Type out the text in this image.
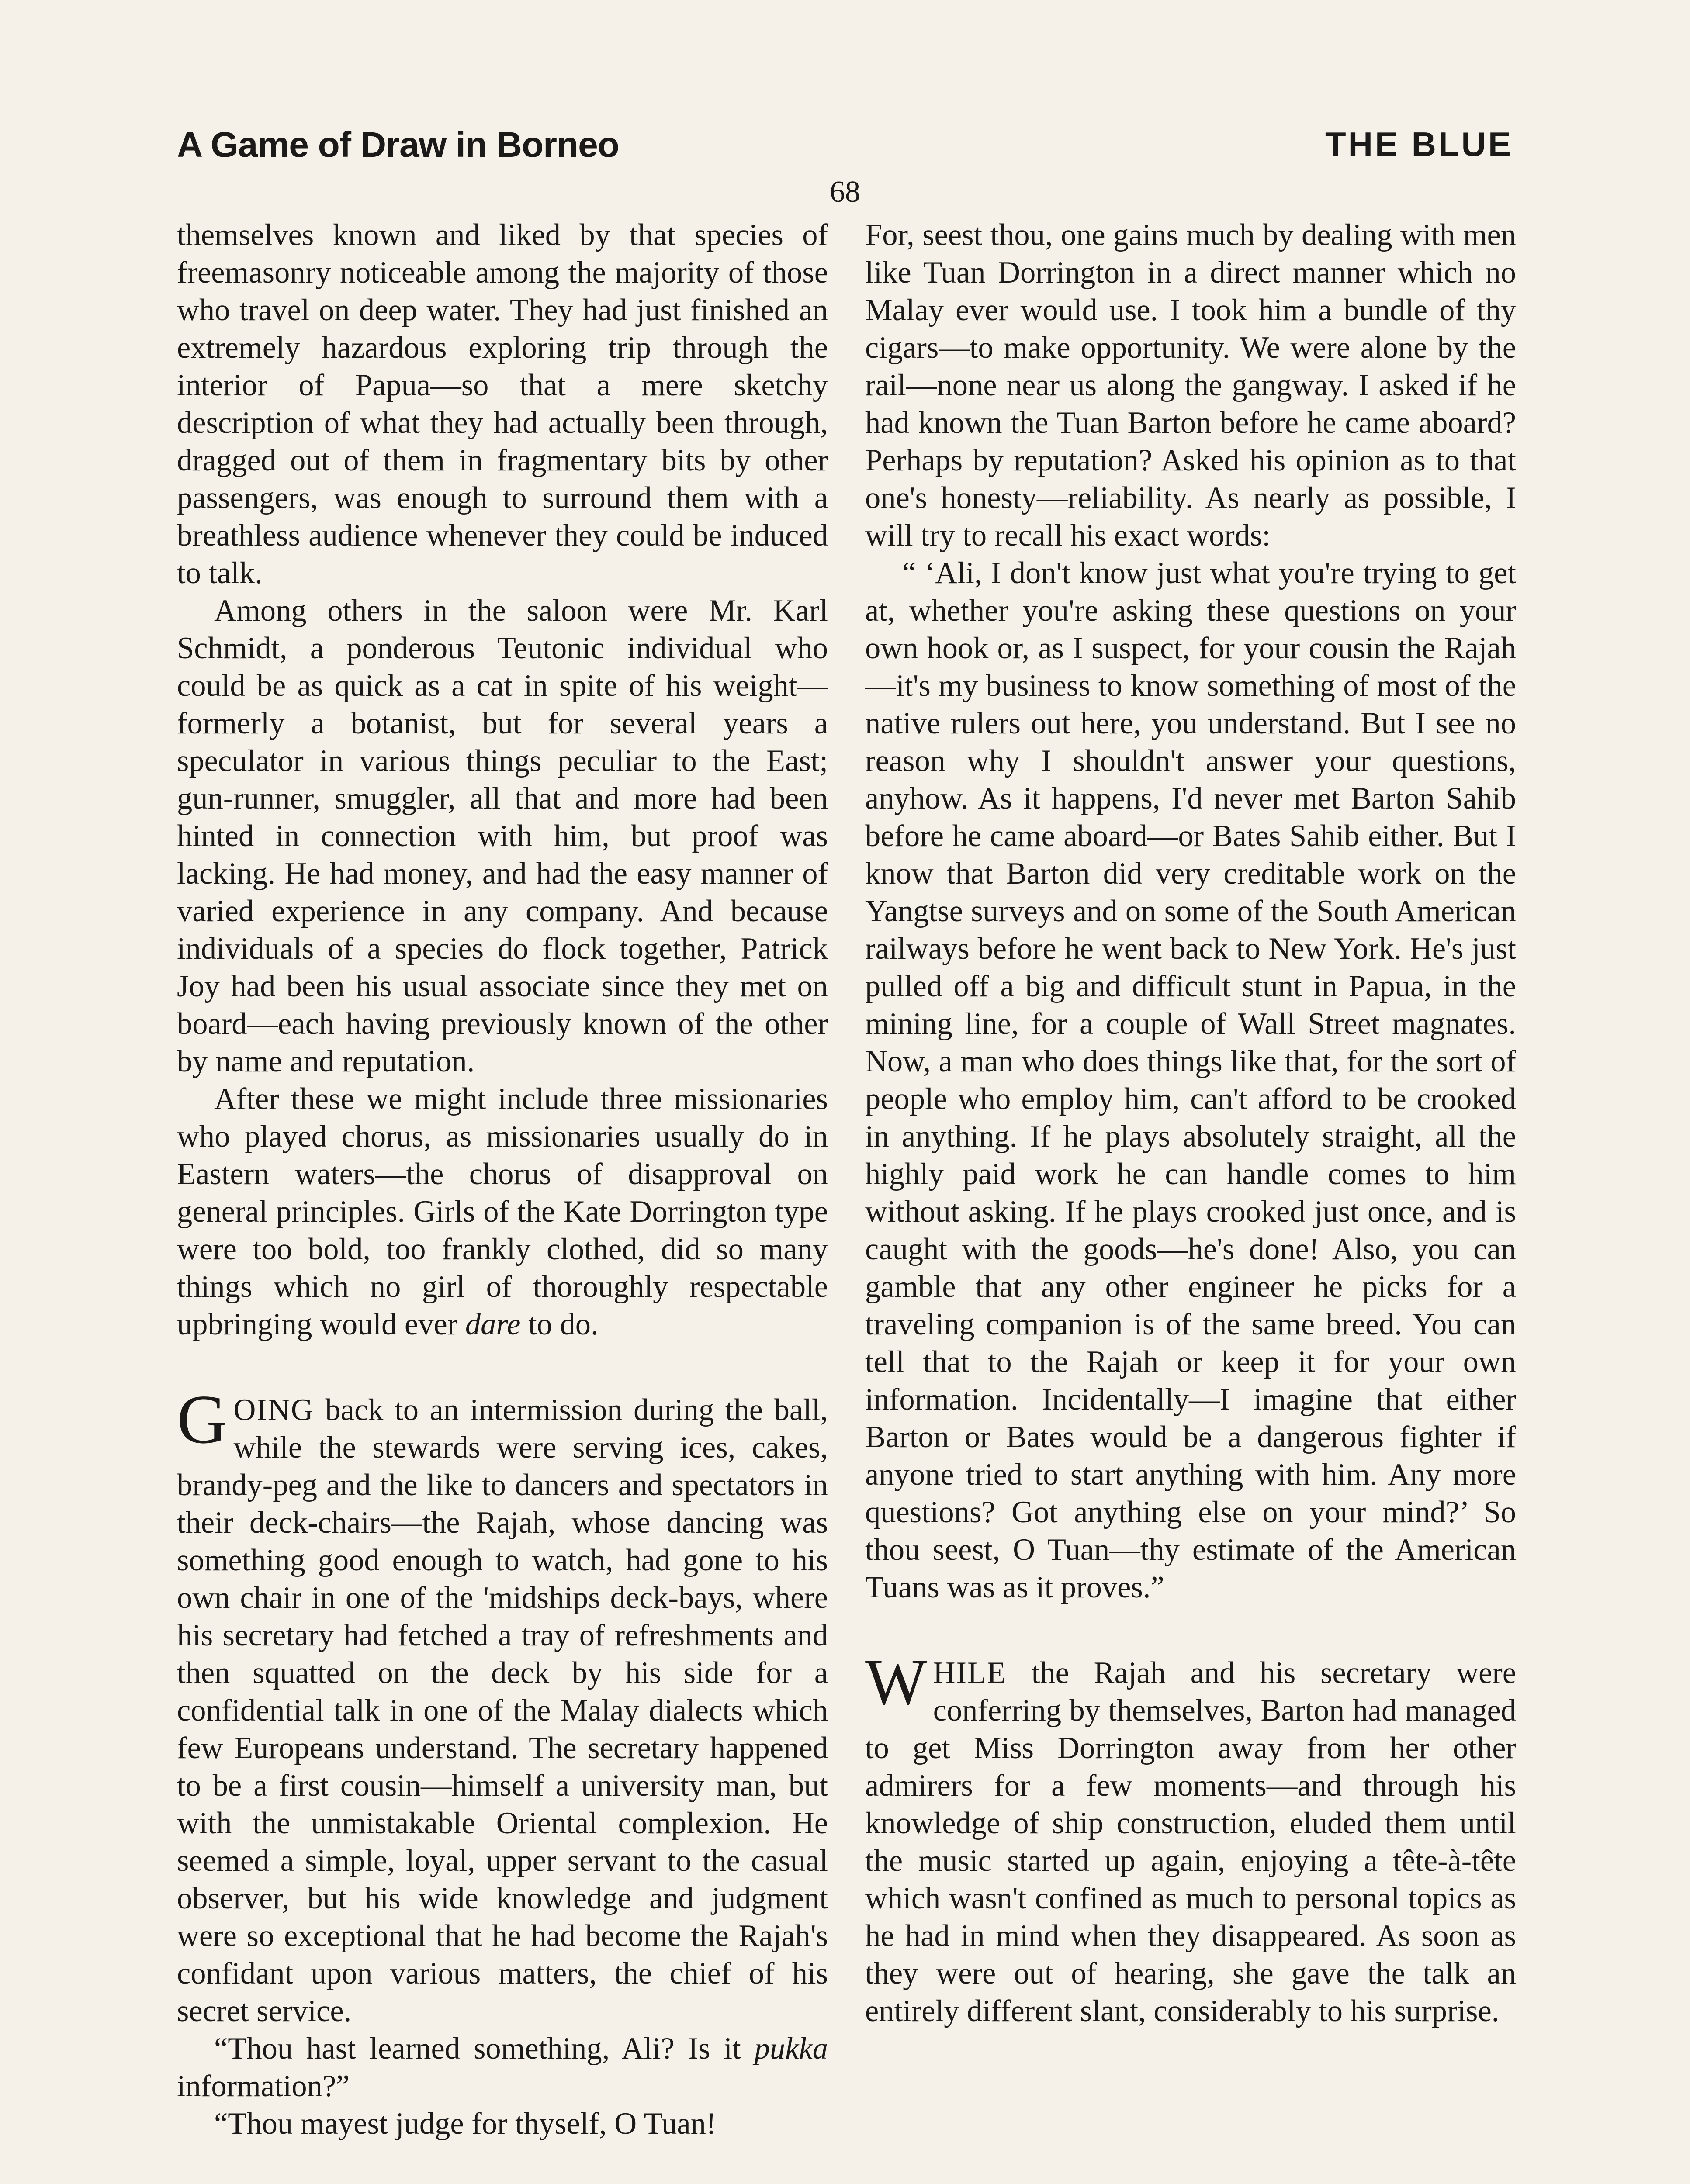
A Game of Draw in Borneo	THE BLUE
68

themselves known and liked by that species of freemasonry noticeable among the majority of those who travel on deep water. They had just finished an extremely hazardous exploring trip through the interior of Papua—so that a mere sketchy description of what they had actually been through, dragged out of them in fragmentary bits by other passengers, was enough to surround them with a breathless audience whenever they could be induced to talk.

Among others in the saloon were Mr. Karl Schmidt, a ponderous Teutonic individual who could be as quick as a cat in spite of his weight—formerly a botanist, but for several years a speculator in various things peculiar to the East; gun-runner, smuggler, all that and more had been hinted in connection with him, but proof was lacking. He had money, and had the easy manner of varied experience in any company. And because individuals of a species do flock together, Patrick Joy had been his usual associate since they met on board—each having previously known of the other by name and reputation.

After these we might include three missionaries who played chorus, as missionaries usually do in Eastern waters—the chorus of disapproval on general principles. Girls of the Kate Dorrington type were too bold, too frankly clothed, did so many things which no girl of thoroughly respectable upbringing would ever dare to do.

GOING back to an intermission during the ball, while the stewards were serving ices, cakes, brandy-peg and the like to dancers and spectators in their deck-chairs—the Rajah, whose dancing was something good enough to watch, had gone to his own chair in one of the 'midships deck-bays, where his secretary had fetched a tray of refreshments and then squatted on the deck by his side for a confidential talk in one of the Malay dialects which few Europeans understand. The secretary happened to be a first cousin—himself a university man, but with the unmistakable Oriental complexion. He seemed a simple, loyal, upper servant to the casual observer, but his wide knowledge and judgment were so exceptional that he had become the Rajah's confidant upon various matters, the chief of his secret service.

“Thou hast learned something, Ali? Is it pukka information?”

“Thou mayest judge for thyself, O Tuan!

For, seest thou, one gains much by dealing with men like Tuan Dorrington in a direct manner which no Malay ever would use. I took him a bundle of thy cigars—to make opportunity. We were alone by the rail—none near us along the gangway. I asked if he had known the Tuan Barton before he came aboard? Perhaps by reputation? Asked his opinion as to that one's honesty—reliability. As nearly as possible, I will try to recall his exact words:

“ ‘Ali, I don't know just what you're trying to get at, whether you're asking these questions on your own hook or, as I suspect, for your cousin the Rajah—it's my business to know something of most of the native rulers out here, you understand. But I see no reason why I shouldn't answer your questions, anyhow. As it happens, I'd never met Barton Sahib before he came aboard—or Bates Sahib either. But I know that Barton did very creditable work on the Yangtse surveys and on some of the South American railways before he went back to New York. He's just pulled off a big and difficult stunt in Papua, in the mining line, for a couple of Wall Street magnates. Now, a man who does things like that, for the sort of people who employ him, can't afford to be crooked in anything. If he plays absolutely straight, all the highly paid work he can handle comes to him without asking. If he plays crooked just once, and is caught with the goods—he's done! Also, you can gamble that any other engineer he picks for a traveling companion is of the same breed. You can tell that to the Rajah or keep it for your own information. Incidentally—I imagine that either Barton or Bates would be a dangerous fighter if anyone tried to start anything with him. Any more questions? Got anything else on your mind?’ So thou seest, O Tuan—thy estimate of the American Tuans was as it proves.”

WHILE the Rajah and his secretary were conferring by themselves, Barton had managed to get Miss Dorrington away from her other admirers for a few moments—and through his knowledge of ship construction, eluded them until the music started up again, enjoying a tête-à-tête which wasn't confined as much to personal topics as he had in mind when they disappeared. As soon as they were out of hearing, she gave the talk an entirely different slant, considerably to his surprise.
